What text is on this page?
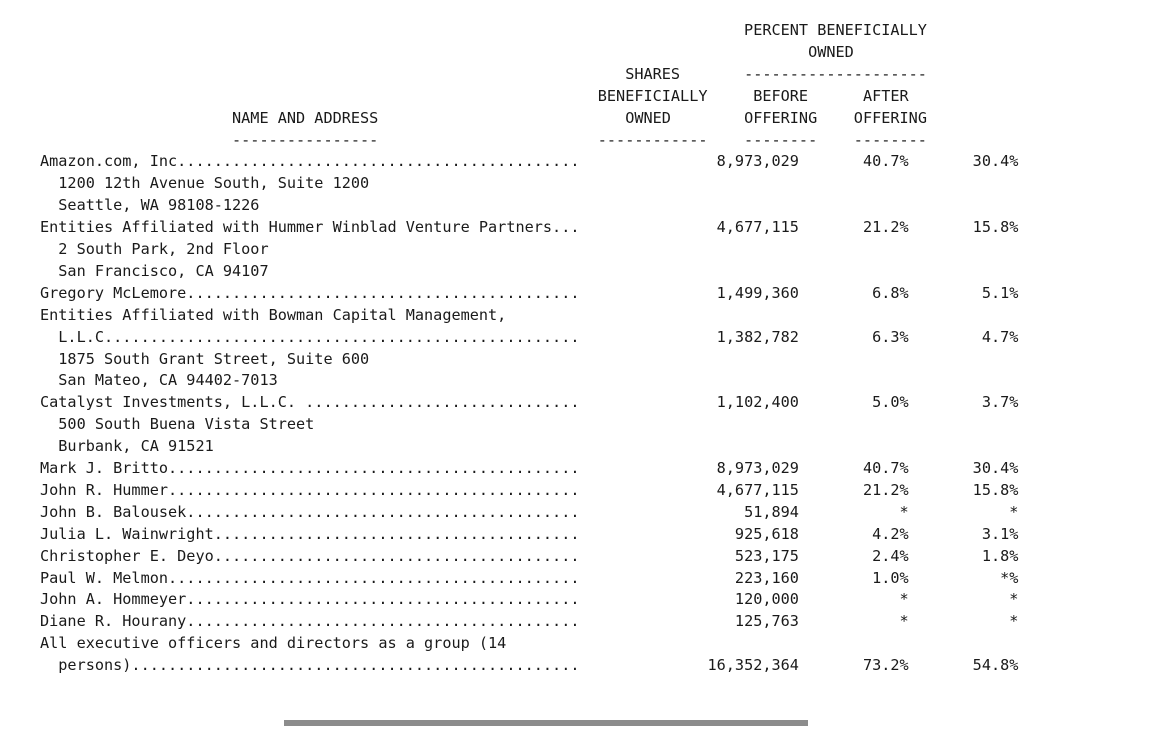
PERCENT BENEFICIALLY
OWNED
SHARES       --------------------
BENEFICIALLY     BEFORE      AFTER
NAME AND ADDRESS                           OWNED        OFFERING    OFFERING
----------------                        ------------    --------    --------
Amazon.com, Inc............................................               8,973,029       40.7%       30.4%
1200 12th Avenue South, Suite 1200
Seattle, WA 98108-1226
Entities Affiliated with Hummer Winblad Venture Partners...               4,677,115       21.2%       15.8%
2 South Park, 2nd Floor
San Francisco, CA 94107
Gregory McLemore...........................................               1,499,360        6.8%        5.1%
Entities Affiliated with Bowman Capital Management,
L.L.C....................................................               1,382,782        6.3%        4.7%
1875 South Grant Street, Suite 600
San Mateo, CA 94402-7013
Catalyst Investments, L.L.C. ..............................               1,102,400        5.0%        3.7%
500 South Buena Vista Street
Burbank, CA 91521
Mark J. Britto.............................................               8,973,029       40.7%       30.4%
John R. Hummer.............................................               4,677,115       21.2%       15.8%
John B. Balousek...........................................                  51,894           *           *
Julia L. Wainwright........................................                 925,618        4.2%        3.1%
Christopher E. Deyo........................................                 523,175        2.4%        1.8%
Paul W. Melmon.............................................                 223,160        1.0%          *%
John A. Hommeyer...........................................                 120,000           *           *
Diane R. Hourany...........................................                 125,763           *           *
All executive officers and directors as a group (14
persons).................................................              16,352,364       73.2%       54.8%
